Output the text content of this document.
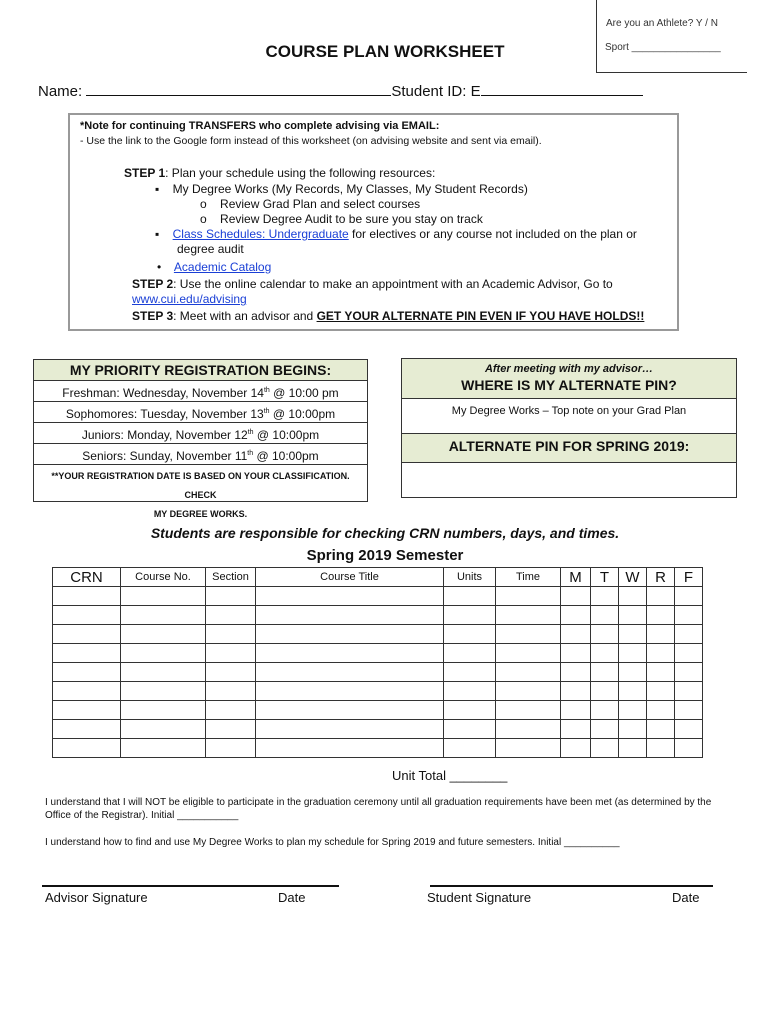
Are you an Athlete? Y / N
Sport ________________
COURSE PLAN WORKSHEET
Name:	Student ID: E
*Note for continuing TRANSFERS who complete advising via EMAIL:
- Use the link to the Google form instead of this worksheet (on advising website and sent via email).
STEP 1: Plan your schedule using the following resources:
▪ My Degree Works (My Records, My Classes, My Student Records)
o Review Grad Plan and select courses
o Review Degree Audit to be sure you stay on track
▪ Class Schedules: Undergraduate for electives or any course not included on the plan or
degree audit
• Academic Catalog
STEP 2: Use the online calendar to make an appointment with an Academic Advisor, Go to
www.cui.edu/advising
STEP 3: Meet with an advisor and GET YOUR ALTERNATE PIN EVEN IF YOU HAVE HOLDS!!
MY PRIORITY REGISTRATION BEGINS:
Freshman: Wednesday, November 14th @ 10:00 pm
Sophomores: Tuesday, November 13th @ 10:00pm
Juniors: Monday, November 12th @ 10:00pm
Seniors: Sunday, November 11th @ 10:00pm
**YOUR REGISTRATION DATE IS BASED ON YOUR CLASSIFICATION. CHECK
MY DEGREE WORKS.
After meeting with my advisor…
WHERE IS MY ALTERNATE PIN?
My Degree Works – Top note on your Grad Plan
ALTERNATE PIN FOR SPRING 2019:
Students are responsible for checking CRN numbers, days, and times.
Spring 2019 Semester
CRN	Course No.	Section	Course Title	Units	Time	M	T	W	R	F

Unit Total ________
I understand that I will NOT be eligible to participate in the graduation ceremony until all graduation requirements have been met (as determined by the Office of the Registrar). Initial ___________
I understand how to find and use My Degree Works to plan my schedule for Spring 2019 and future semesters. Initial __________
Advisor Signature	Date	Student Signature	Date
